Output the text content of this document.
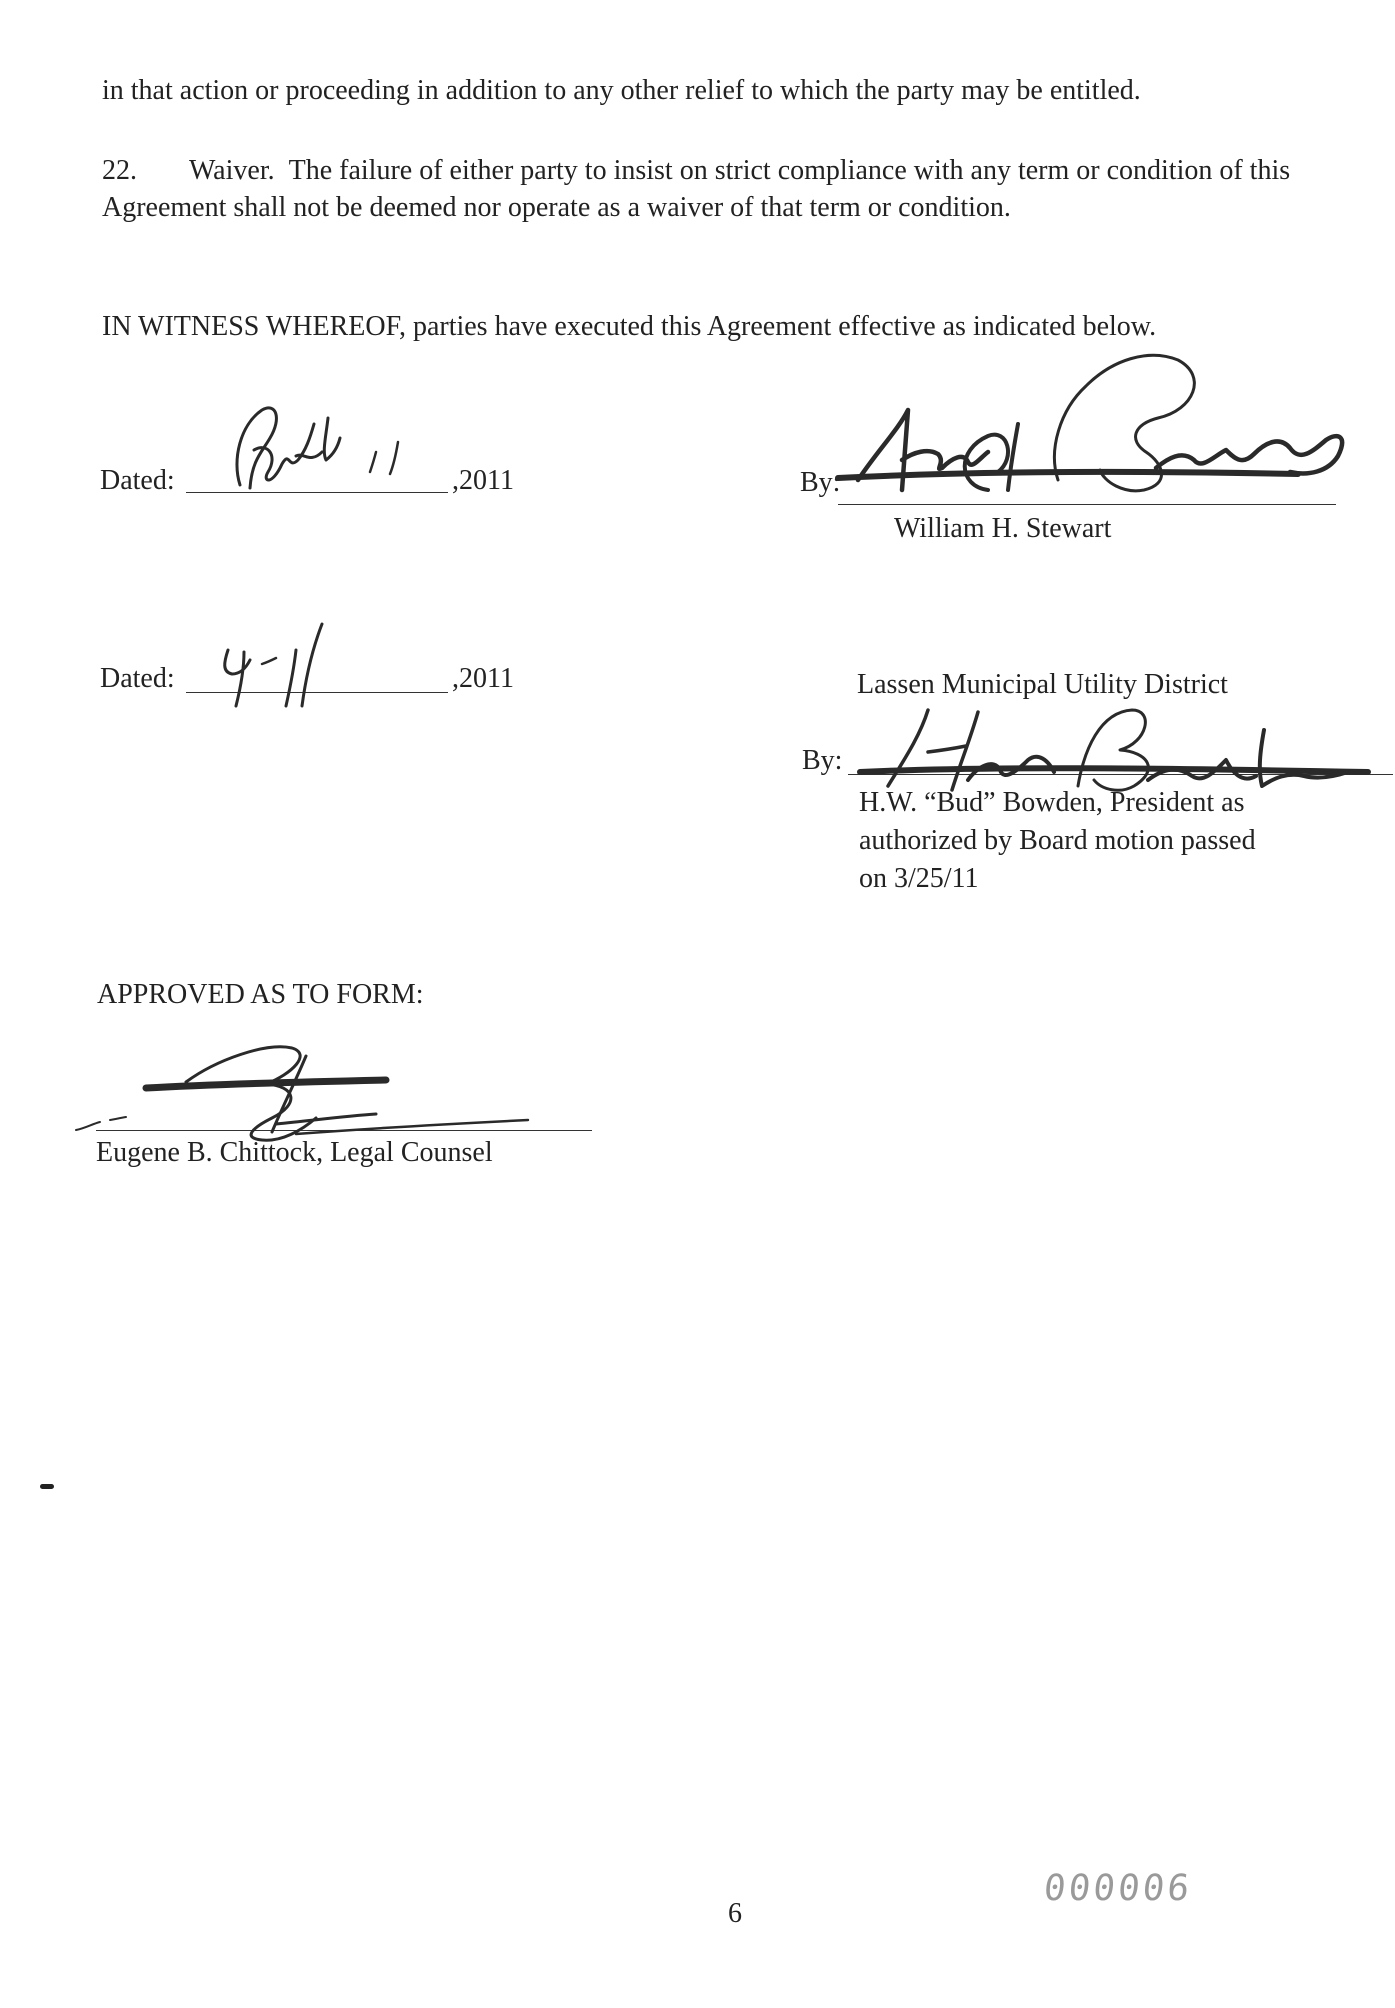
in that action or proceeding in addition to any other relief to which the party may be entitled.
22. Waiver. The failure of either party to insist on strict compliance with any term or condition of this Agreement shall not be deemed nor operate as a waiver of that term or condition.
IN WITNESS WHEREOF, parties have executed this Agreement effective as indicated below.
Dated:	,2011	By:
William H. Stewart
Dated:	,2011	Lassen Municipal Utility District
By:
H.W. “Bud” Bowden, President as
authorized by Board motion passed
on 3/25/11
APPROVED AS TO FORM:
Eugene B. Chittock, Legal Counsel
6
000006
